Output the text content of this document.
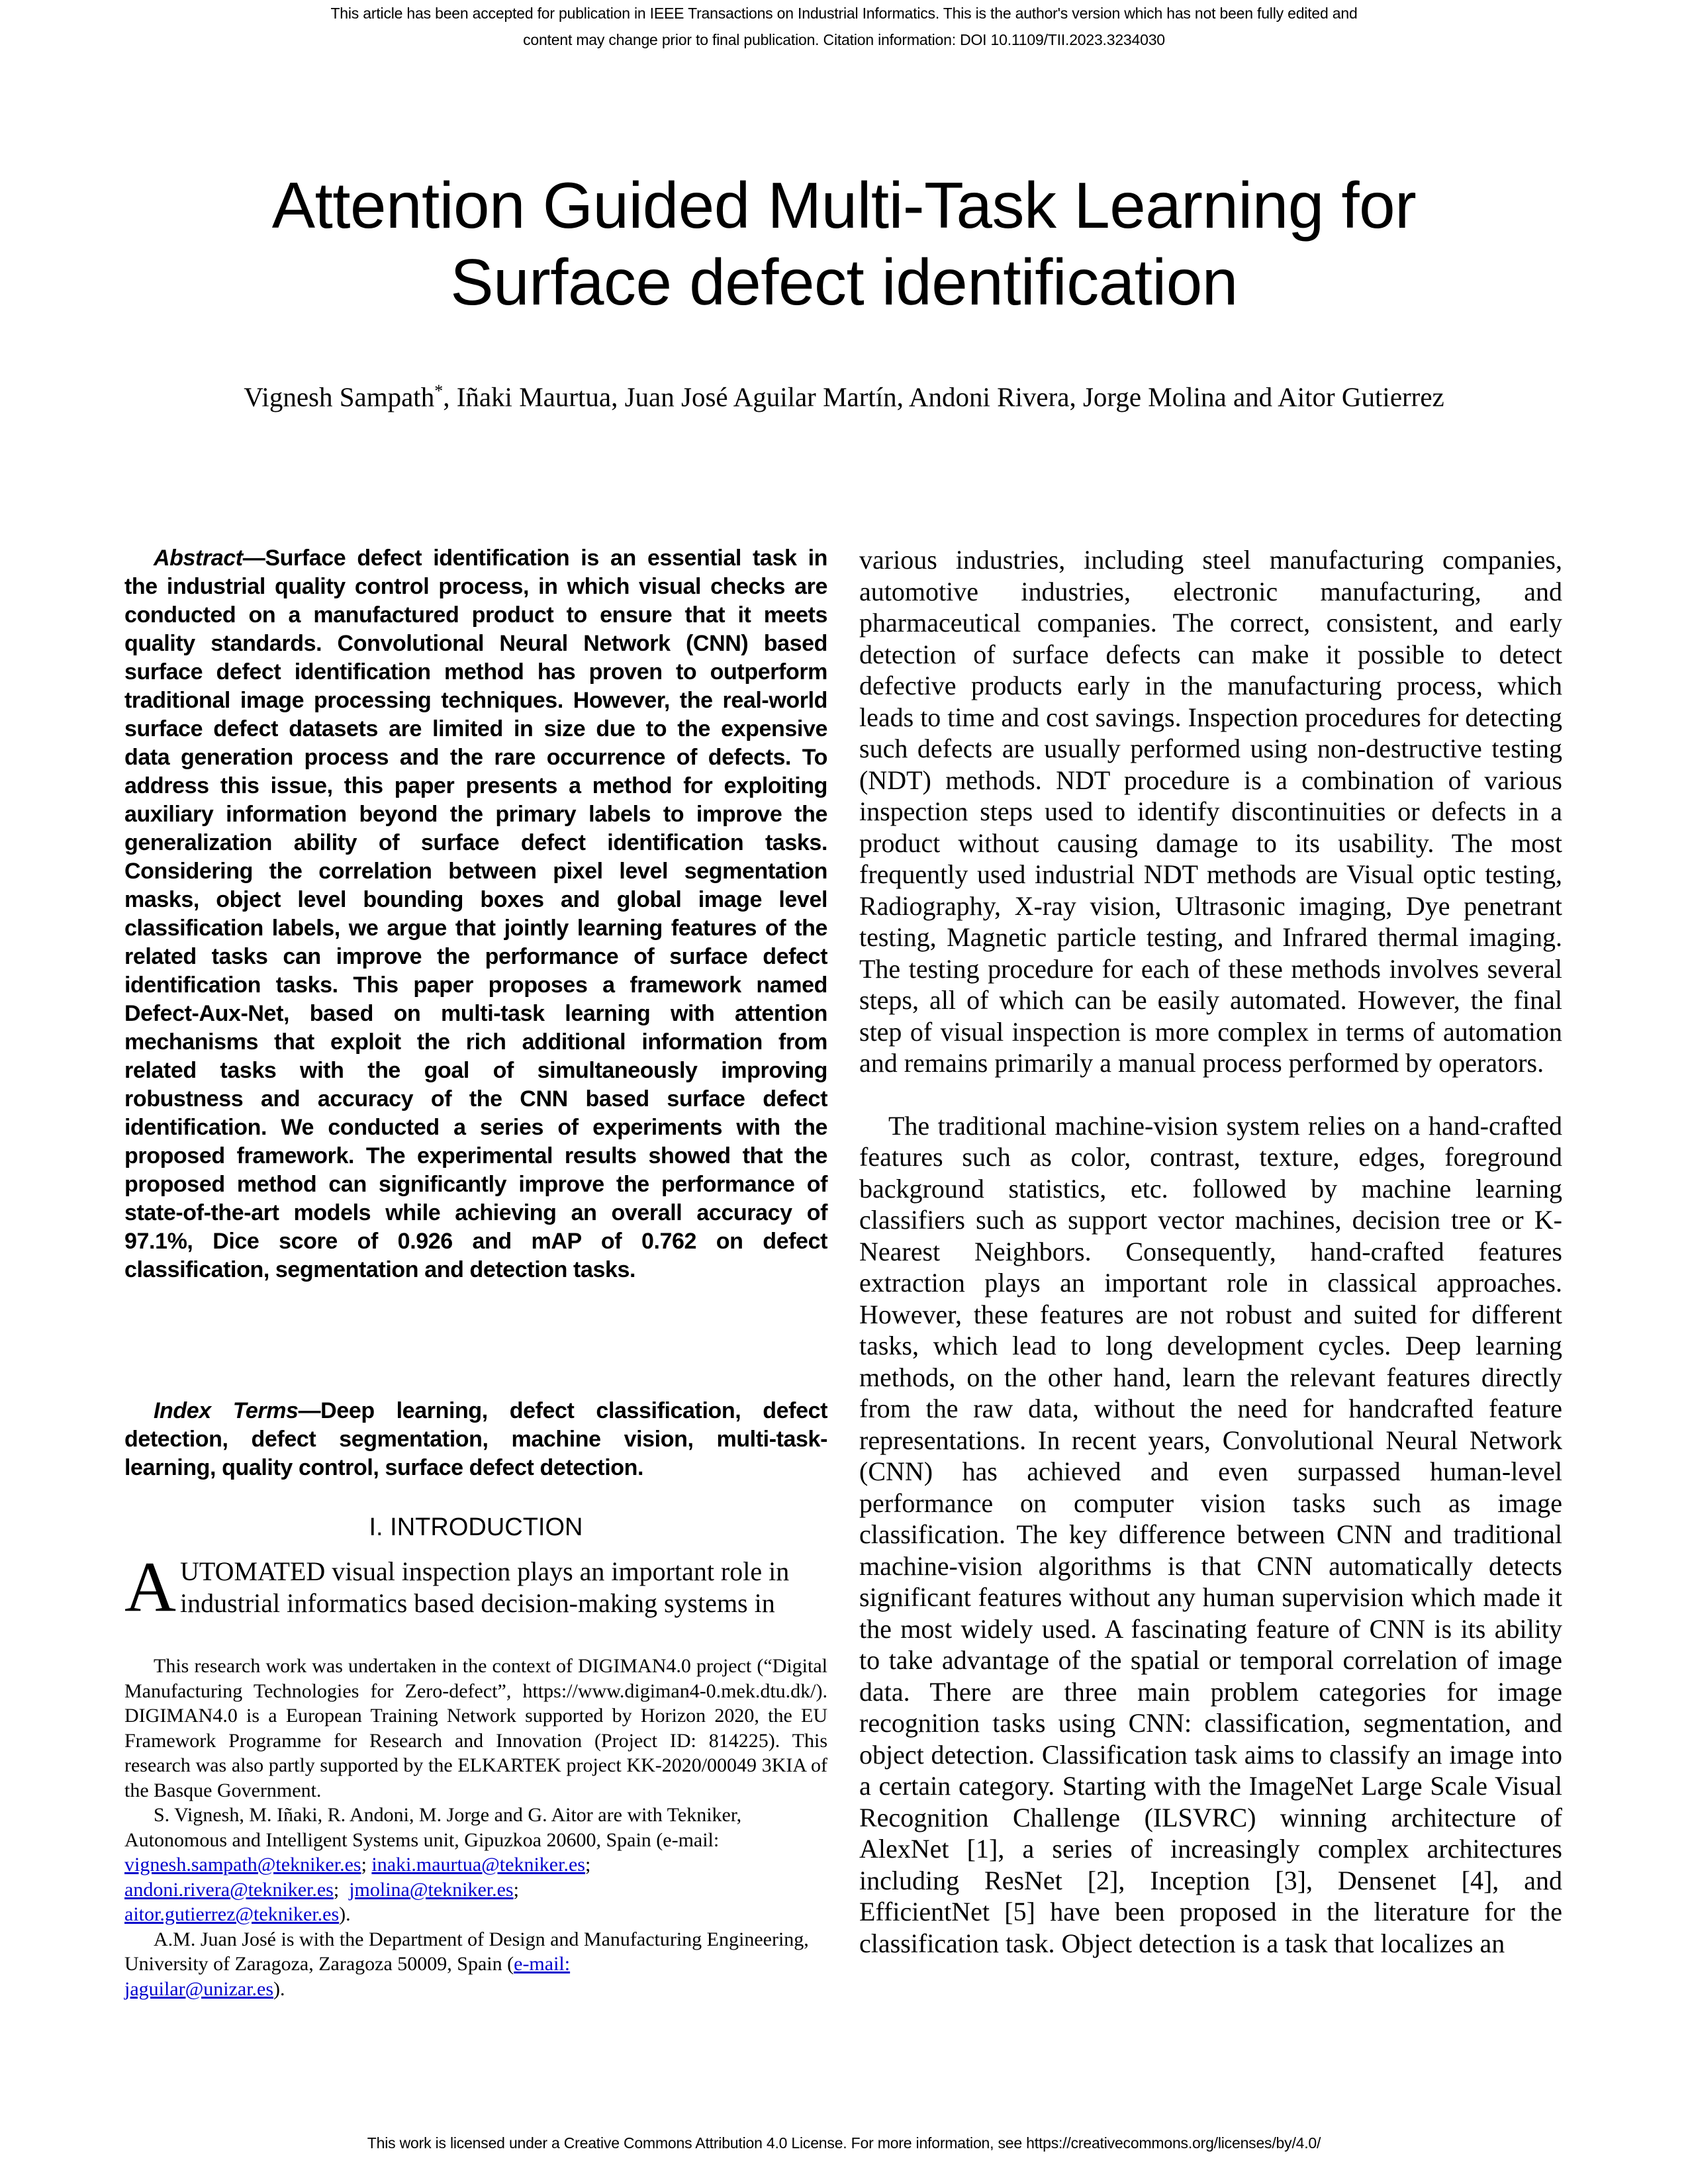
This article has been accepted for publication in IEEE Transactions on Industrial Informatics. This is the author's version which has not been fully edited and
content may change prior to final publication. Citation information: DOI 10.1109/TII.2023.3234030
Attention Guided Multi-Task Learning for
Surface defect identification
Vignesh Sampath*, Iñaki Maurtua, Juan José Aguilar Martín, Andoni Rivera, Jorge Molina and Aitor Gutierrez

Abstract—Surface defect identification is an essential task in the industrial quality control process, in which visual checks are conducted on a manufactured product to ensure that it meets quality standards. Convolutional Neural Network (CNN) based surface defect identification method has proven to outperform traditional image processing techniques. However, the real-world surface defect datasets are limited in size due to the expensive data generation process and the rare occurrence of defects. To address this issue, this paper presents a method for exploiting auxiliary information beyond the primary labels to improve the generalization ability of surface defect identification tasks. Considering the correlation between pixel level segmentation masks, object level bounding boxes and global image level classification labels, we argue that jointly learning features of the related tasks can improve the performance of surface defect identification tasks. This paper proposes a framework named Defect-Aux-Net, based on multi-task learning with attention mechanisms that exploit the rich additional information from related tasks with the goal of simultaneously improving robustness and accuracy of the CNN based surface defect identification. We conducted a series of experiments with the proposed framework. The experimental results showed that the proposed method can significantly improve the performance of state-of-the-art models while achieving an overall accuracy of 97.1%, Dice score of 0.926 and mAP of 0.762 on defect classification, segmentation and detection tasks.

Index Terms—Deep learning, defect classification, defect detection, defect segmentation, machine vision, multi-task-learning, quality control, surface defect detection.

I. INTRODUCTION

AUTOMATED visual inspection plays an important role in industrial informatics based decision-making systems in

This research work was undertaken in the context of DIGIMAN4.0 project (“Digital Manufacturing Technologies for Zero-defect”, https://www.digiman4-0.mek.dtu.dk/). DIGIMAN4.0 is a European Training Network supported by Horizon 2020, the EU Framework Programme for Research and Innovation (Project ID: 814225). This research was also partly supported by the ELKARTEK project KK-2020/00049 3KIA of the Basque Government.

S. Vignesh, M. Iñaki, R. Andoni, M. Jorge and G. Aitor are with Tekniker, Autonomous and Intelligent Systems unit, Gipuzkoa 20600, Spain (e-mail:
vignesh.sampath@tekniker.es; inaki.maurtua@tekniker.es;
andoni.rivera@tekniker.es;  jmolina@tekniker.es;
aitor.gutierrez@tekniker.es).

A.M. Juan José is with the Department of Design and Manufacturing Engineering, University of Zaragoza, Zaragoza 50009, Spain (e-mail:
jaguilar@unizar.es).

various industries, including steel manufacturing companies, automotive industries, electronic manufacturing, and pharmaceutical companies. The correct, consistent, and early detection of surface defects can make it possible to detect defective products early in the manufacturing process, which leads to time and cost savings. Inspection procedures for detecting such defects are usually performed using non-destructive testing (NDT) methods. NDT procedure is a combination of various inspection steps used to identify discontinuities or defects in a product without causing damage to its usability. The most frequently used industrial NDT methods are Visual optic testing, Radiography, X-ray vision, Ultrasonic imaging, Dye penetrant testing, Magnetic particle testing, and Infrared thermal imaging. The testing procedure for each of these methods involves several steps, all of which can be easily automated. However, the final step of visual inspection is more complex in terms of automation and remains primarily a manual process performed by operators.

The traditional machine-vision system relies on a hand-crafted features such as color, contrast, texture, edges, foreground background statistics, etc. followed by machine learning classifiers such as support vector machines, decision tree or K-Nearest Neighbors. Consequently, hand-crafted features extraction plays an important role in classical approaches. However, these features are not robust and suited for different tasks, which lead to long development cycles. Deep learning methods, on the other hand, learn the relevant features directly from the raw data, without the need for handcrafted feature representations. In recent years, Convolutional Neural Network (CNN) has achieved and even surpassed human-level performance on computer vision tasks such as image classification. The key difference between CNN and traditional machine-vision algorithms is that CNN automatically detects significant features without any human supervision which made it the most widely used. A fascinating feature of CNN is its ability to take advantage of the spatial or temporal correlation of image data. There are three main problem categories for image recognition tasks using CNN: classification, segmentation, and object detection. Classification task aims to classify an image into a certain category. Starting with the ImageNet Large Scale Visual Recognition Challenge (ILSVRC) winning architecture of AlexNet [1], a series of increasingly complex architectures including ResNet [2], Inception [3], Densenet [4], and EfficientNet [5] have been proposed in the literature for the classification task. Object detection is a task that localizes an

This work is licensed under a Creative Commons Attribution 4.0 License. For more information, see https://creativecommons.org/licenses/by/4.0/
